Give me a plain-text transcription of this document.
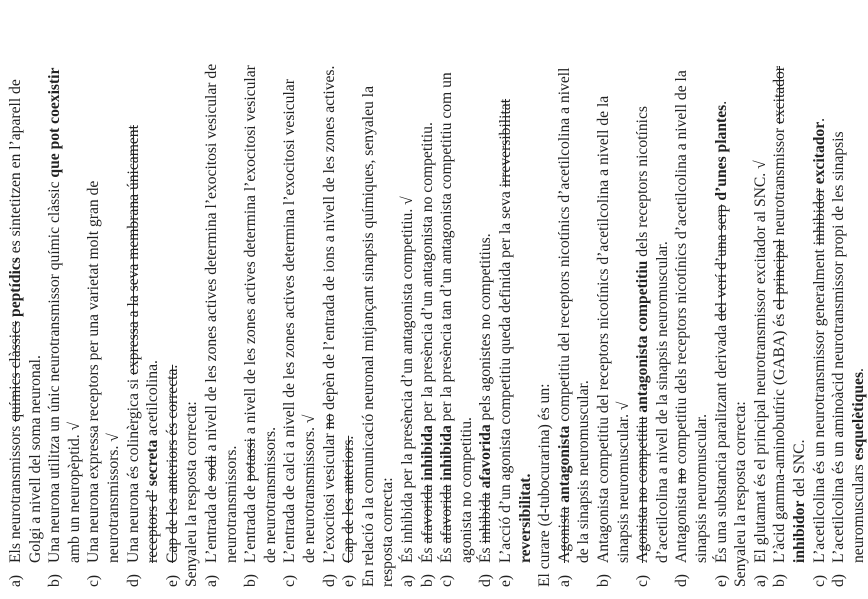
a)
Els neurotransmissors químics clàssics peptídics es sintetitzen en l’aparell de
Golgi a nivell del soma neuronal.
b)
Una neurona utilitza un únic neurotransmissor químic clàssic que pot coexistir
amb un neuropèptid. √
c)
Una neurona expressa receptors per una varietat molt gran de neurotransmissors. √
d)
Una neurona és colinèrgica si expressa a la seva membrana únicament
receptors d’ secreta acetilcolina.
e)
Cap de les anteriors és correcta. Senyaleu la resposta correcta: a)
L’entrada de sodi a nivell de les zones actives determina l’exocitosi vesicular de
neurotransmissors.
b)
L’entrada de potassi a nivell de les zones actives determina l’exocitosi vesicular
de neurotransmissors.
c)
L’entrada de calci a nivell de les zones actives determina l’exocitosi vesicular de neurotransmissors. √
d)
L’exocitosi vesicular no depèn de l’entrada de ions a nivell de les zones actives.
e)
Cap de les anteriors. En relació a la comunicació neuronal mitjançant sinapsis químiques, senyaleu la resposta correcta: a)
És inhibida per la presència d’un antagonista competitiu. √
b)
És afavorida inhibida per la presència d’un antagonista no competitiu.
c)
És afavorida inhibida per la presència tan d’un antagonista competitiu com un
agonista no competitiu.
d)
És inhibida afavorida pels agonistes no competitius.
e)
L’acció d’un agonista competitiu queda definida per la seva irreversibilitat
reversibilitat. El curare (d-tubocurarina) és un: a)
Agonista antagonista competitiu del receptors nicotínics d’acetilcolina a nivell
de la sinapsis neuromuscular.
b)
Antagonista competitiu del receptors nicotínics d’acetilcolina a nivell de la sinapsis neuromuscular. √
c)
Agonista no competitiu antagonista competitiu dels receptors nicotínics
d’acetilcolina a nivell de la sinapsis neuromuscular.
d)
Antagonista no competitiu dels receptors nicotínics d’acetilcolina a nivell de la
sinapsis neuromuscular.
e)
És una substancia paralitzant derivada del verí d’una serp d’unes plantes.
Senyaleu la resposta correcta: a)
El glutamat és el principal neurotransmissor excitador al SNC. √
b)
L’àcid gamma-aminobutíric (GABA) és el principal neurotransmissor excitador
inhibidor del SNC.
c)
L’acetilcolina és un neurotransmissor generalment inhibidor excitador.
d)
L’acetilcolina és un aminoàcid neurotransmissor propi de les sinapsis neuromusculars esquelètiques.
